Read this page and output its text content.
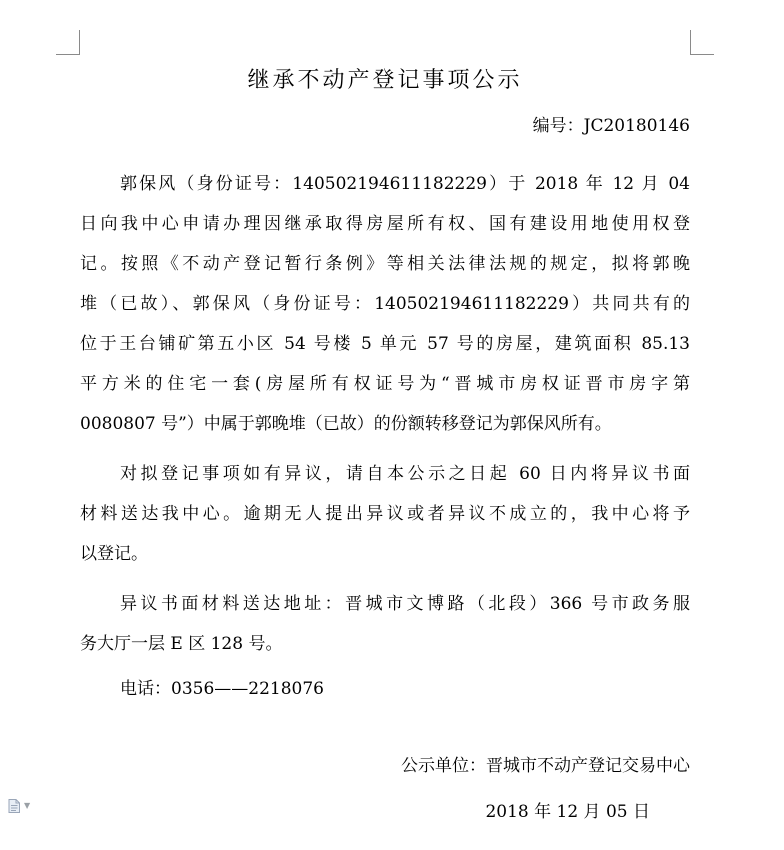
继承不动产登记事项公示
编号：JC20180146
郭保风（身份证号：140502194611182229）于 2018 年 12 月 04
日向我中心申请办理因继承取得房屋所有权、国有建设用地使用权登
记。按照《不动产登记暂行条例》等相关法律法规的规定，拟将郭晚
堆（已故）、郭保风（身份证号：140502194611182229）共同共有的
位于王台铺矿第五小区 54 号楼 5 单元 57 号的房屋，建筑面积 85.13
平方米的住宅一套(房屋所有权证号为“晋城市房权证晋市房字第
0080807 号”）中属于郭晚堆（已故）的份额转移登记为郭保风所有。
对拟登记事项如有异议，请自本公示之日起 60 日内将异议书面
材料送达我中心。逾期无人提出异议或者异议不成立的，我中心将予
以登记。
异议书面材料送达地址：晋城市文博路（北段）366 号市政务服
务大厅一层 E 区 128 号。
电话：0356——2218076
公示单位：晋城市不动产登记交易中心
2018 年 12 月 05 日
▼
